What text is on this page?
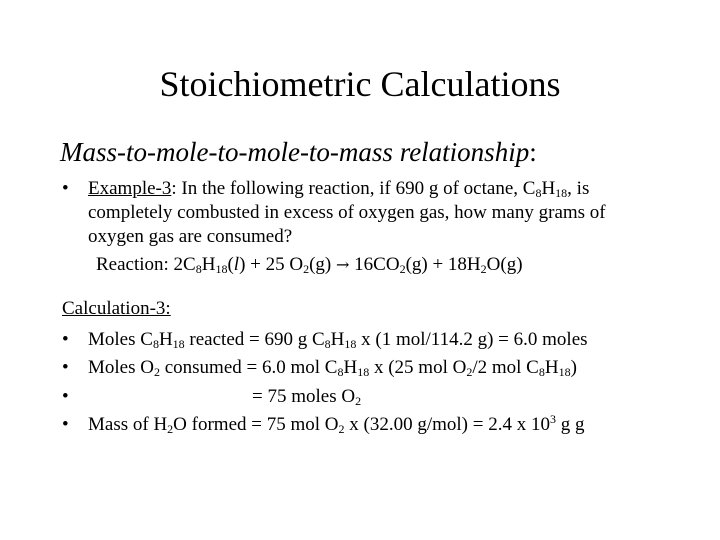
Stoichiometric Calculations
Mass-to-mole-to-mole-to-mass relationship:
• Example-3: In the following reaction, if 690 g of octane, $C_8H_{18}$, is
completely combusted in excess of oxygen gas, how many grams of
oxygen gas are consumed?
Reaction: $2C_8H_{18}(l) + 25$ $O_2(g) \to 16CO_2(g) + 18H_2O(g)$
Calculation-3:
• Moles $C_8H_{18}$ reacted = 690 g $C_8H_{18}$ x (1 mol/114.2 g) = 6.0 moles
• Moles $O_2$ consumed = 6.0 mol $C_8H_{18}$ x (25 mol $O_2/2$ mol $C_8H_{18}$)
•	= 75 moles $O_2$
• Mass of $H_2O$ formed = 75 mol $O_2$ x (32.00 g/mol) = 2.4 x $10^3$ g g
